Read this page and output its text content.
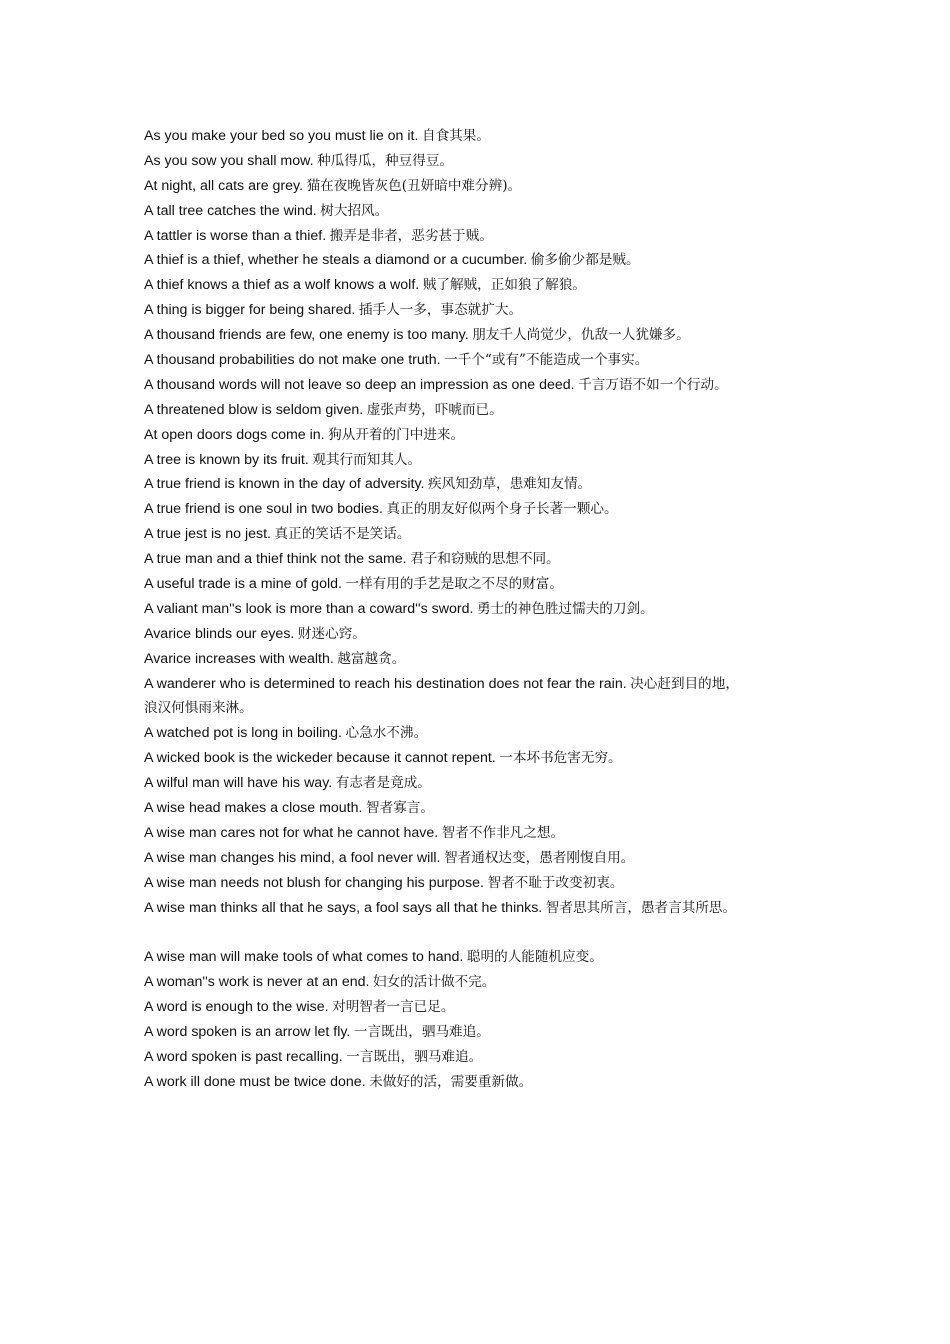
As you make your bed so you must lie on it. 自食其果。
As you sow you shall mow. 种瓜得瓜，种豆得豆。
At night, all cats are grey. 猫在夜晚皆灰色(丑妍暗中难分辨)。
A tall tree catches the wind. 树大招风。
A tattler is worse than a thief. 搬弄是非者，恶劣甚于贼。
A thief is a thief, whether he steals a diamond or a cucumber. 偷多偷少都是贼。
A thief knows a thief as a wolf knows a wolf. 贼了解贼，正如狼了解狼。
A thing is bigger for being shared. 插手人一多，事态就扩大。
A thousand friends are few, one enemy is too many. 朋友千人尚觉少，仇敌一人犹嫌多。
A thousand probabilities do not make one truth. 一千个“或有”不能造成一个事实。
A thousand words will not leave so deep an impression as one deed. 千言万语不如一个行动。
A threatened blow is seldom given. 虚张声势，吓唬而已。
At open doors dogs come in. 狗从开着的门中进来。
A tree is known by its fruit. 观其行而知其人。
A true friend is known in the day of adversity. 疾风知劲草，患难知友情。
A true friend is one soul in two bodies. 真正的朋友好似两个身子长著一颗心。
A true jest is no jest. 真正的笑话不是笑话。
A true man and a thief think not the same. 君子和窃贼的思想不同。
A useful trade is a mine of gold. 一样有用的手艺是取之不尽的财富。
A valiant man''s look is more than a coward''s sword. 勇士的神色胜过懦夫的刀剑。
Avarice blinds our eyes. 财迷心窍。
Avarice increases with wealth. 越富越贪。
A wanderer who is determined to reach his destination does not fear the rain. 决心赶到目的地，
浪汉何惧雨来淋。
A watched pot is long in boiling. 心急水不沸。
A wicked book is the wickeder because it cannot repent. 一本坏书危害无穷。
A wilful man will have his way. 有志者是竟成。
A wise head makes a close mouth. 智者寡言。
A wise man cares not for what he cannot have. 智者不作非凡之想。
A wise man changes his mind, a fool never will. 智者通权达变，愚者刚愎自用。
A wise man needs not blush for changing his purpose. 智者不耻于改变初衷。
A wise man thinks all that he says, a fool says all that he thinks. 智者思其所言，愚者言其所思。
A wise man will make tools of what comes to hand. 聪明的人能随机应变。
A woman''s work is never at an end. 妇女的活计做不完。
A word is enough to the wise. 对明智者一言已足。
A word spoken is an arrow let fly. 一言既出，驷马难追。
A word spoken is past recalling. 一言既出，驷马难追。
A work ill done must be twice done. 未做好的活，需要重新做。
